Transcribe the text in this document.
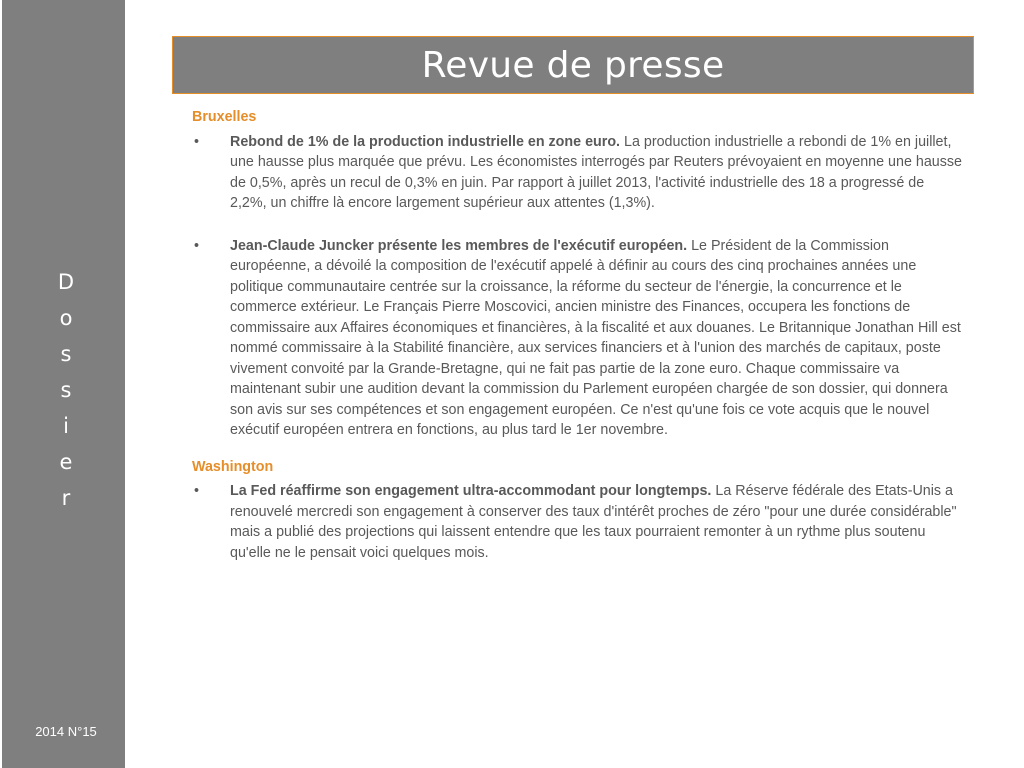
D
o
s
s
i
e
r
2014 N°15
Revue de presse

Bruxelles

• Rebond de 1% de la production industrielle en zone euro. La production industrielle a rebondi de 1% en juillet, une hausse plus marquée que prévu. Les économistes interrogés par Reuters prévoyaient en moyenne une hausse de 0,5%, après un recul de 0,3% en juin. Par rapport à juillet 2013, l'activité industrielle des 18 a progressé de 2,2%, un chiffre là encore largement supérieur aux attentes (1,3%).
• Jean-Claude Juncker présente les membres de l'exécutif européen. Le Président de la Commission européenne, a dévoilé la composition de l'exécutif appelé à définir au cours des cinq prochaines années une politique communautaire centrée sur la croissance, la réforme du secteur de l'énergie, la concurrence et le commerce extérieur. Le Français Pierre Moscovici, ancien ministre des Finances, occupera les fonctions de commissaire aux Affaires économiques et financières, à la fiscalité et aux douanes. Le Britannique Jonathan Hill est nommé commissaire à la Stabilité financière, aux services financiers et à l'union des marchés de capitaux, poste vivement convoité par la Grande-Bretagne, qui ne fait pas partie de la zone euro. Chaque commissaire va maintenant subir une audition devant la commission du Parlement européen chargée de son dossier, qui donnera son avis sur ses compétences et son engagement européen. Ce n'est qu'une fois ce vote acquis que le nouvel exécutif européen entrera en fonctions, au plus tard le 1er novembre.

Washington

• La Fed réaffirme son engagement ultra-accommodant pour longtemps. La Réserve fédérale des Etats-Unis a renouvelé mercredi son engagement à conserver des taux d'intérêt proches de zéro "pour une durée considérable" mais a publié des projections qui laissent entendre que les taux pourraient remonter à un rythme plus soutenu qu'elle ne le pensait voici quelques mois.
